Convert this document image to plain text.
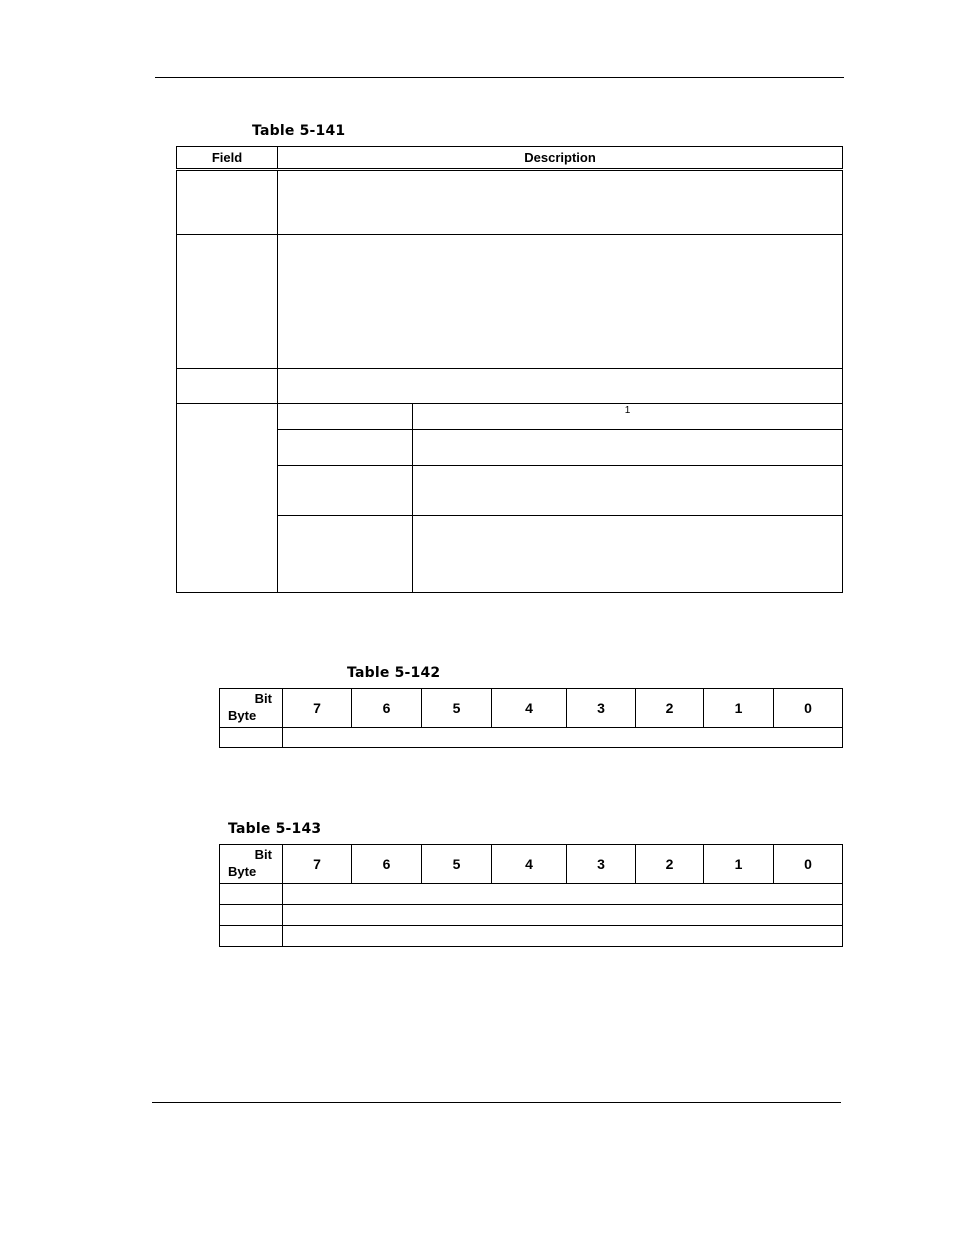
Table 5-141
Field	Description	

		1

Table 5-142
Bit
Byte	7	6	5	4	3	2	1	0

Table 5-143
Bit
Byte	7	6	5	4	3	2	1	0
